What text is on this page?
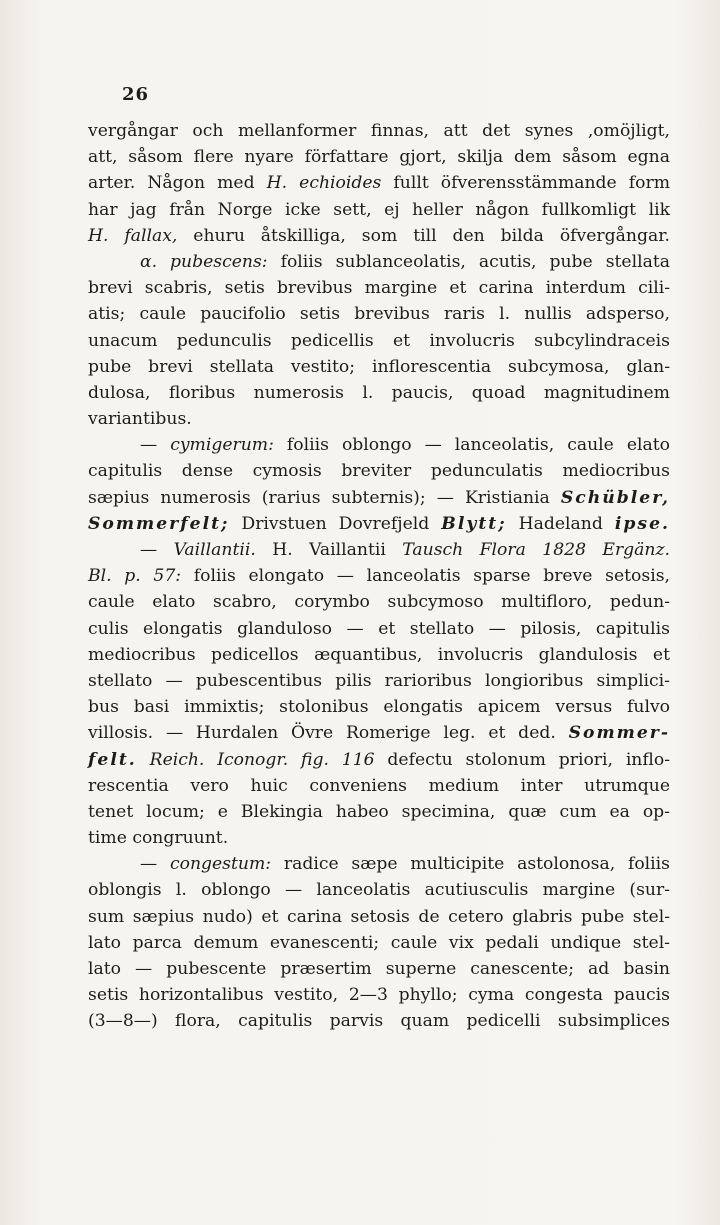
26
vergångar och mellanformer finnas, att det synes ,omöjligt,
att, såsom flere nyare författare gjort, skilja dem såsom egna
arter. Någon med H. echioides fullt öfverensstämmande form
har jag från Norge icke sett, ej heller någon fullkomligt lik
H. fallax, ehuru åtskilliga, som till den bilda öfvergångar.
α. pubescens: foliis sublanceolatis, acutis, pube stellata
brevi scabris, setis brevibus margine et carina interdum cili-
atis; caule paucifolio setis brevibus raris l. nullis adsperso,
unacum pedunculis pedicellis et involucris subcylindraceis
pube brevi stellata vestito; inflorescentia subcymosa, glan-
dulosa, floribus numerosis l. paucis, quoad magnitudinem
variantibus.
— cymigerum: foliis oblongo — lanceolatis, caule elato
capitulis dense cymosis breviter pedunculatis mediocribus
sæpius numerosis (rarius subternis); — Kristiania Schübler,
Sommerfelt; Drivstuen Dovrefjeld Blytt; Hadeland ipse.
— Vaillantii. H. Vaillantii Tausch Flora 1828 Ergänz.
Bl. p. 57: foliis elongato — lanceolatis sparse breve setosis,
caule elato scabro, corymbo subcymoso multifloro, pedun-
culis elongatis glanduloso — et stellato — pilosis, capitulis
mediocribus pedicellos æquantibus, involucris glandulosis et
stellato — pubescentibus pilis rarioribus longioribus simplici-
bus basi immixtis; stolonibus elongatis apicem versus fulvo
villosis. — Hurdalen Övre Romerige leg. et ded. Sommer-
felt. Reich. Iconogr. fig. 116 defectu stolonum priori, inflo-
rescentia vero huic conveniens medium inter utrumque
tenet locum; e Blekingia habeo specimina, quæ cum ea op-
time congruunt.
— congestum: radice sæpe multicipite astolonosa, foliis
oblongis l. oblongo — lanceolatis acutiusculis margine (sur-
sum sæpius nudo) et carina setosis de cetero glabris pube stel-
lato parca demum evanescenti; caule vix pedali undique stel-
lato — pubescente præsertim superne canescente; ad basin
setis horizontalibus vestito, 2—3 phyllo; cyma congesta paucis
(3—8—) flora, capitulis parvis quam pedicelli subsimplices
